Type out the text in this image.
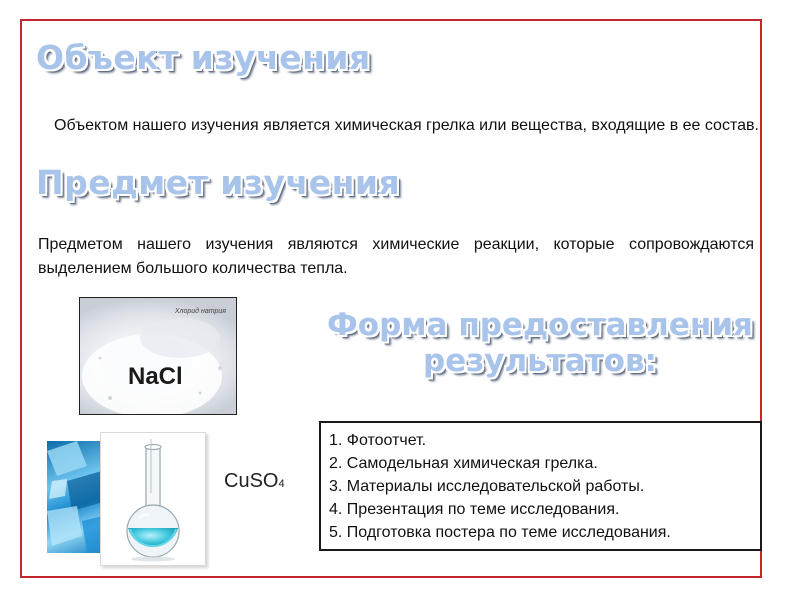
Объект изучения

Объектом нашего изучения является химическая грелка или вещества, входящие в ее состав.

Предмет изучения

Предметом нашего изучения являются химические реакции, которые сопровождаются выделением большого количества тепла.

Форма предоставления результатов:
Хлорид натрия
NaCl
CuSO4
1. Фотоотчет.
2. Самодельная химическая грелка.
3. Материалы исследовательской работы.
4. Презентация по теме исследования.
5. Подготовка постера по теме исследования.
